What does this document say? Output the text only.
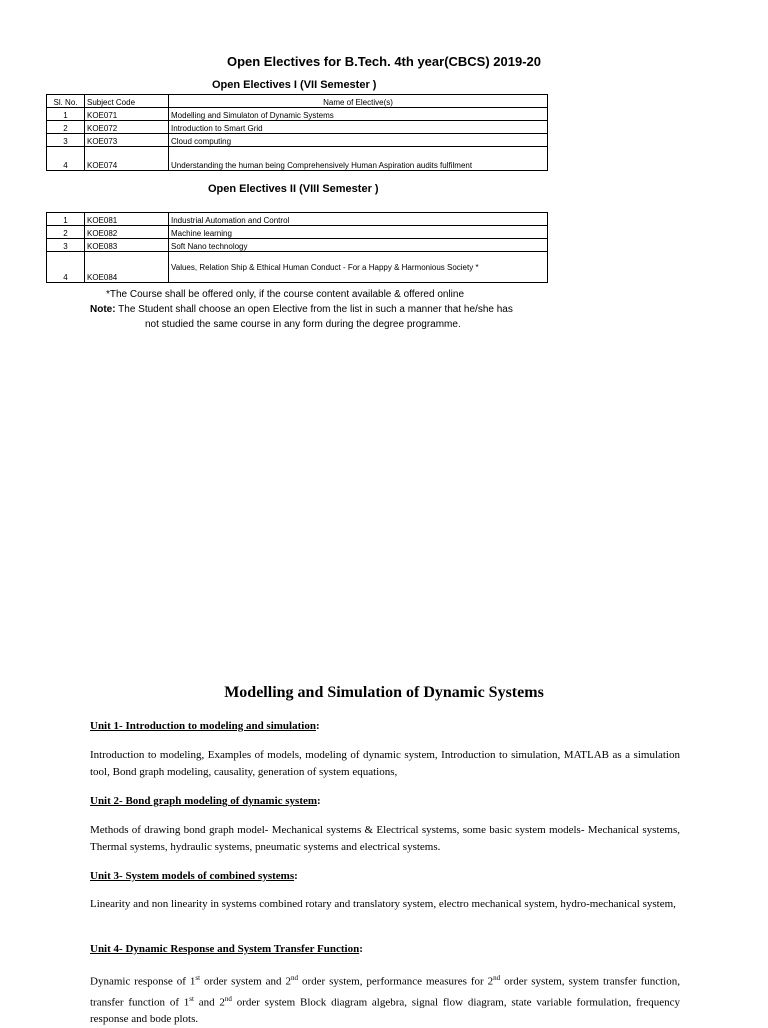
Open Electives for B.Tech. 4th year(CBCS) 2019-20
Open Electives I (VII Semester )
Sl. No.	Subject Code	Name of Elective(s)
1	KOE071	Modelling and Simulaton of Dynamic Systems
2	KOE072	Introduction to Smart Grid
3	KOE073	Cloud computing
4	KOE074	Understanding the human being Comprehensively Human Aspiration audits fulfilment
Open Electives II (VIII Semester )
1	KOE081	Industrial Automation and Control
2	KOE082	Machine learning
3	KOE083	Soft Nano technology
4	KOE084	Values, Relation Ship & Ethical Human Conduct - For a Happy & Harmonious Society *
*The Course shall be offered only, if the course content available & offered online
Note: The Student shall choose an open Elective from the list in such a manner that he/she has
not studied the same course in any form during the degree programme.
Modelling and Simulation of Dynamic Systems
Unit 1- Introduction to modeling and simulation:
Introduction to modeling, Examples of models, modeling of dynamic system, Introduction to simulation, MATLAB as a simulation tool, Bond graph modeling, causality, generation of system equations,
Unit 2- Bond graph modeling of dynamic system:
Methods of drawing bond graph model- Mechanical systems & Electrical systems, some basic system models- Mechanical systems, Thermal systems, hydraulic systems, pneumatic systems and electrical systems.
Unit 3- System models of combined systems:
Linearity and non linearity in systems combined rotary and translatory system, electro mechanical system, hydro-mechanical system,
Unit 4- Dynamic Response and System Transfer Function:
Dynamic response of 1st order system and 2nd order system, performance measures for 2nd order system, system transfer function, transfer function of 1st and 2nd order system Block diagram algebra, signal flow diagram, state variable formulation, frequency response and bode plots.
